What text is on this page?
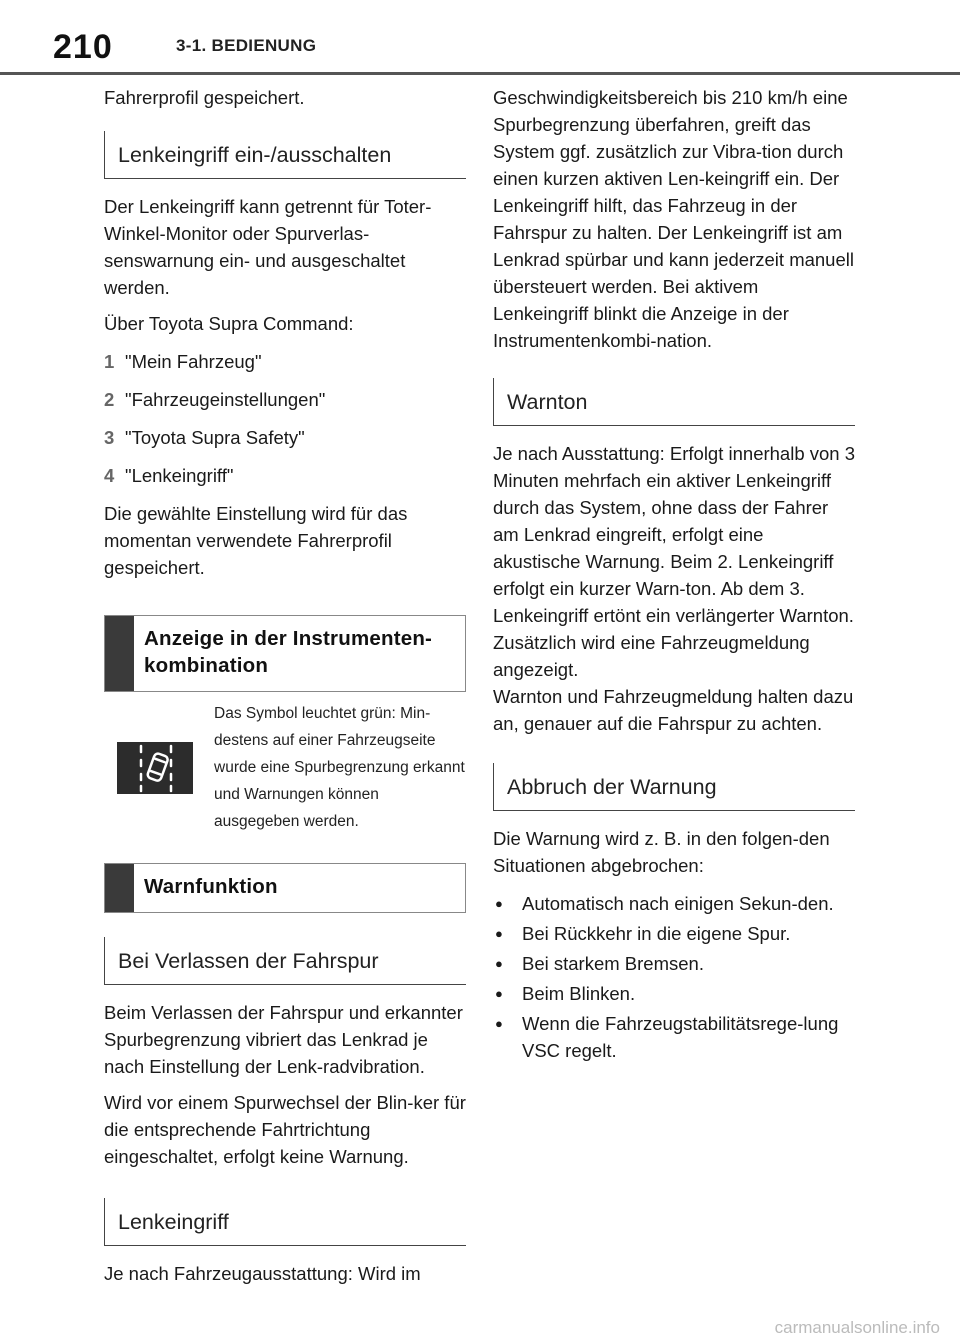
210	3-1. BEDIENUNG

Fahrerprofil gespeichert.

Lenkeingriff ein-/ausschalten

Der Lenkeingriff kann getrennt für Toter-Winkel-Monitor oder Spurverlas-senswarnung ein- und ausgeschaltet werden.

Über Toyota Supra Command:

1 "Mein Fahrzeug"
2 "Fahrzeugeinstellungen"
3 "Toyota Supra Safety"
4 "Lenkeingriff"

Die gewählte Einstellung wird für das momentan verwendete Fahrerprofil gespeichert.

Anzeige in der Instrumenten-kombination
Das Symbol leuchtet grün: Min-destens auf einer Fahrzeugseite wurde eine Spurbegrenzung erkannt und Warnungen können ausgegeben werden.
Warnfunktion
Bei Verlassen der Fahrspur

Beim Verlassen der Fahrspur und erkannter Spurbegrenzung vibriert das Lenkrad je nach Einstellung der Lenk-radvibration.

Wird vor einem Spurwechsel der Blin-ker für die entsprechende Fahrtrichtung eingeschaltet, erfolgt keine Warnung.

Lenkeingriff

Je nach Fahrzeugausstattung: Wird im

Geschwindigkeitsbereich bis 210 km/h eine Spurbegrenzung überfahren, greift das System ggf. zusätzlich zur Vibra-tion durch einen kurzen aktiven Len-keingriff ein. Der Lenkeingriff hilft, das Fahrzeug in der Fahrspur zu halten. Der Lenkeingriff ist am Lenkrad spürbar und kann jederzeit manuell übersteuert werden. Bei aktivem Lenkeingriff blinkt die Anzeige in der Instrumentenkombi-nation.

Warnton

Je nach Ausstattung: Erfolgt innerhalb von 3 Minuten mehrfach ein aktiver Lenkeingriff durch das System, ohne dass der Fahrer am Lenkrad eingreift, erfolgt eine akustische Warnung. Beim 2. Lenkeingriff erfolgt ein kurzer Warn-ton. Ab dem 3. Lenkeingriff ertönt ein verlängerter Warnton.

Zusätzlich wird eine Fahrzeugmeldung angezeigt.

Warnton und Fahrzeugmeldung halten dazu an, genauer auf die Fahrspur zu achten.

Abbruch der Warnung

Die Warnung wird z. B. in den folgen-den Situationen abgebrochen:

●	Automatisch nach einigen Sekun-den.
●	Bei Rückkehr in die eigene Spur.
●	Bei starkem Bremsen.
●	Beim Blinken.
●	Wenn die Fahrzeugstabilitätsrege-lung VSC regelt.
carmanualsonline.info
